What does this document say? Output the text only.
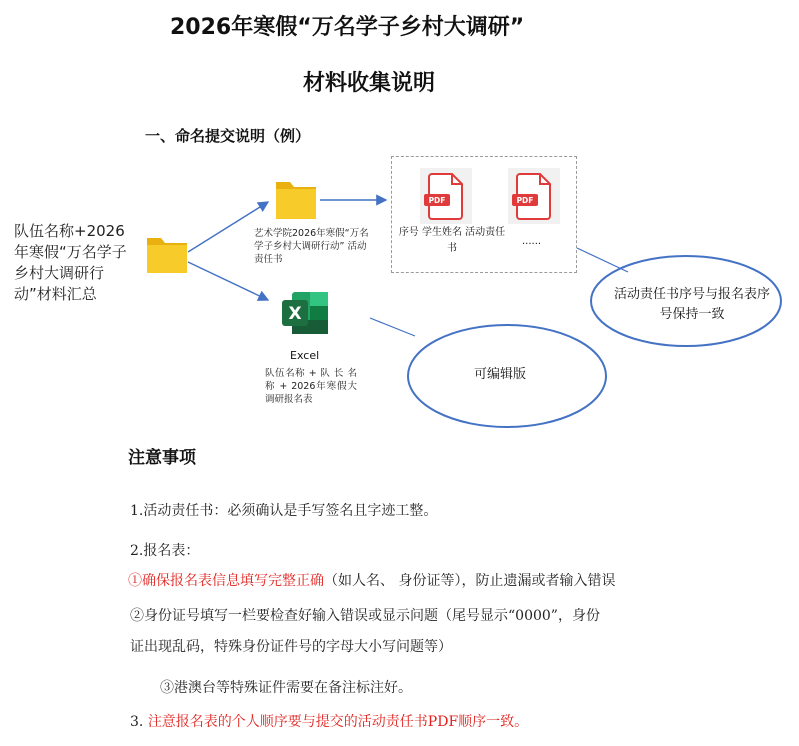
2026年寒假“万名学子乡村大调研”
材料收集说明
一、命名提交说明（例）
队伍名称+2026年寒假“万名学子乡村大调研行动”材料汇总
艺术学院2026年寒假“万名学子乡村大调研行动” 活动责任书
X
Excel
队伍名称 + 队 长 名 称 + 2026年寒假大调研报名表
PDF
序号 学生姓名 活动责任书
PDF
......
活动责任书序号与报名表序号保持一致
可编辑版
注意事项
1.活动责任书：必须确认是手写签名且字迹工整。
2.报名表：
①确保报名表信息填写完整正确（如人名、 身份证等），防止遗漏或者输入错误
②身份证号填写一栏要检查好输入错误或显示问题（尾号显示“0000”，身份
证出现乱码，特殊身份证件号的字母大小写问题等）
③港澳台等特殊证件需要在备注标注好。
3. 注意报名表的个人顺序要与提交的活动责任书PDF顺序一致。
